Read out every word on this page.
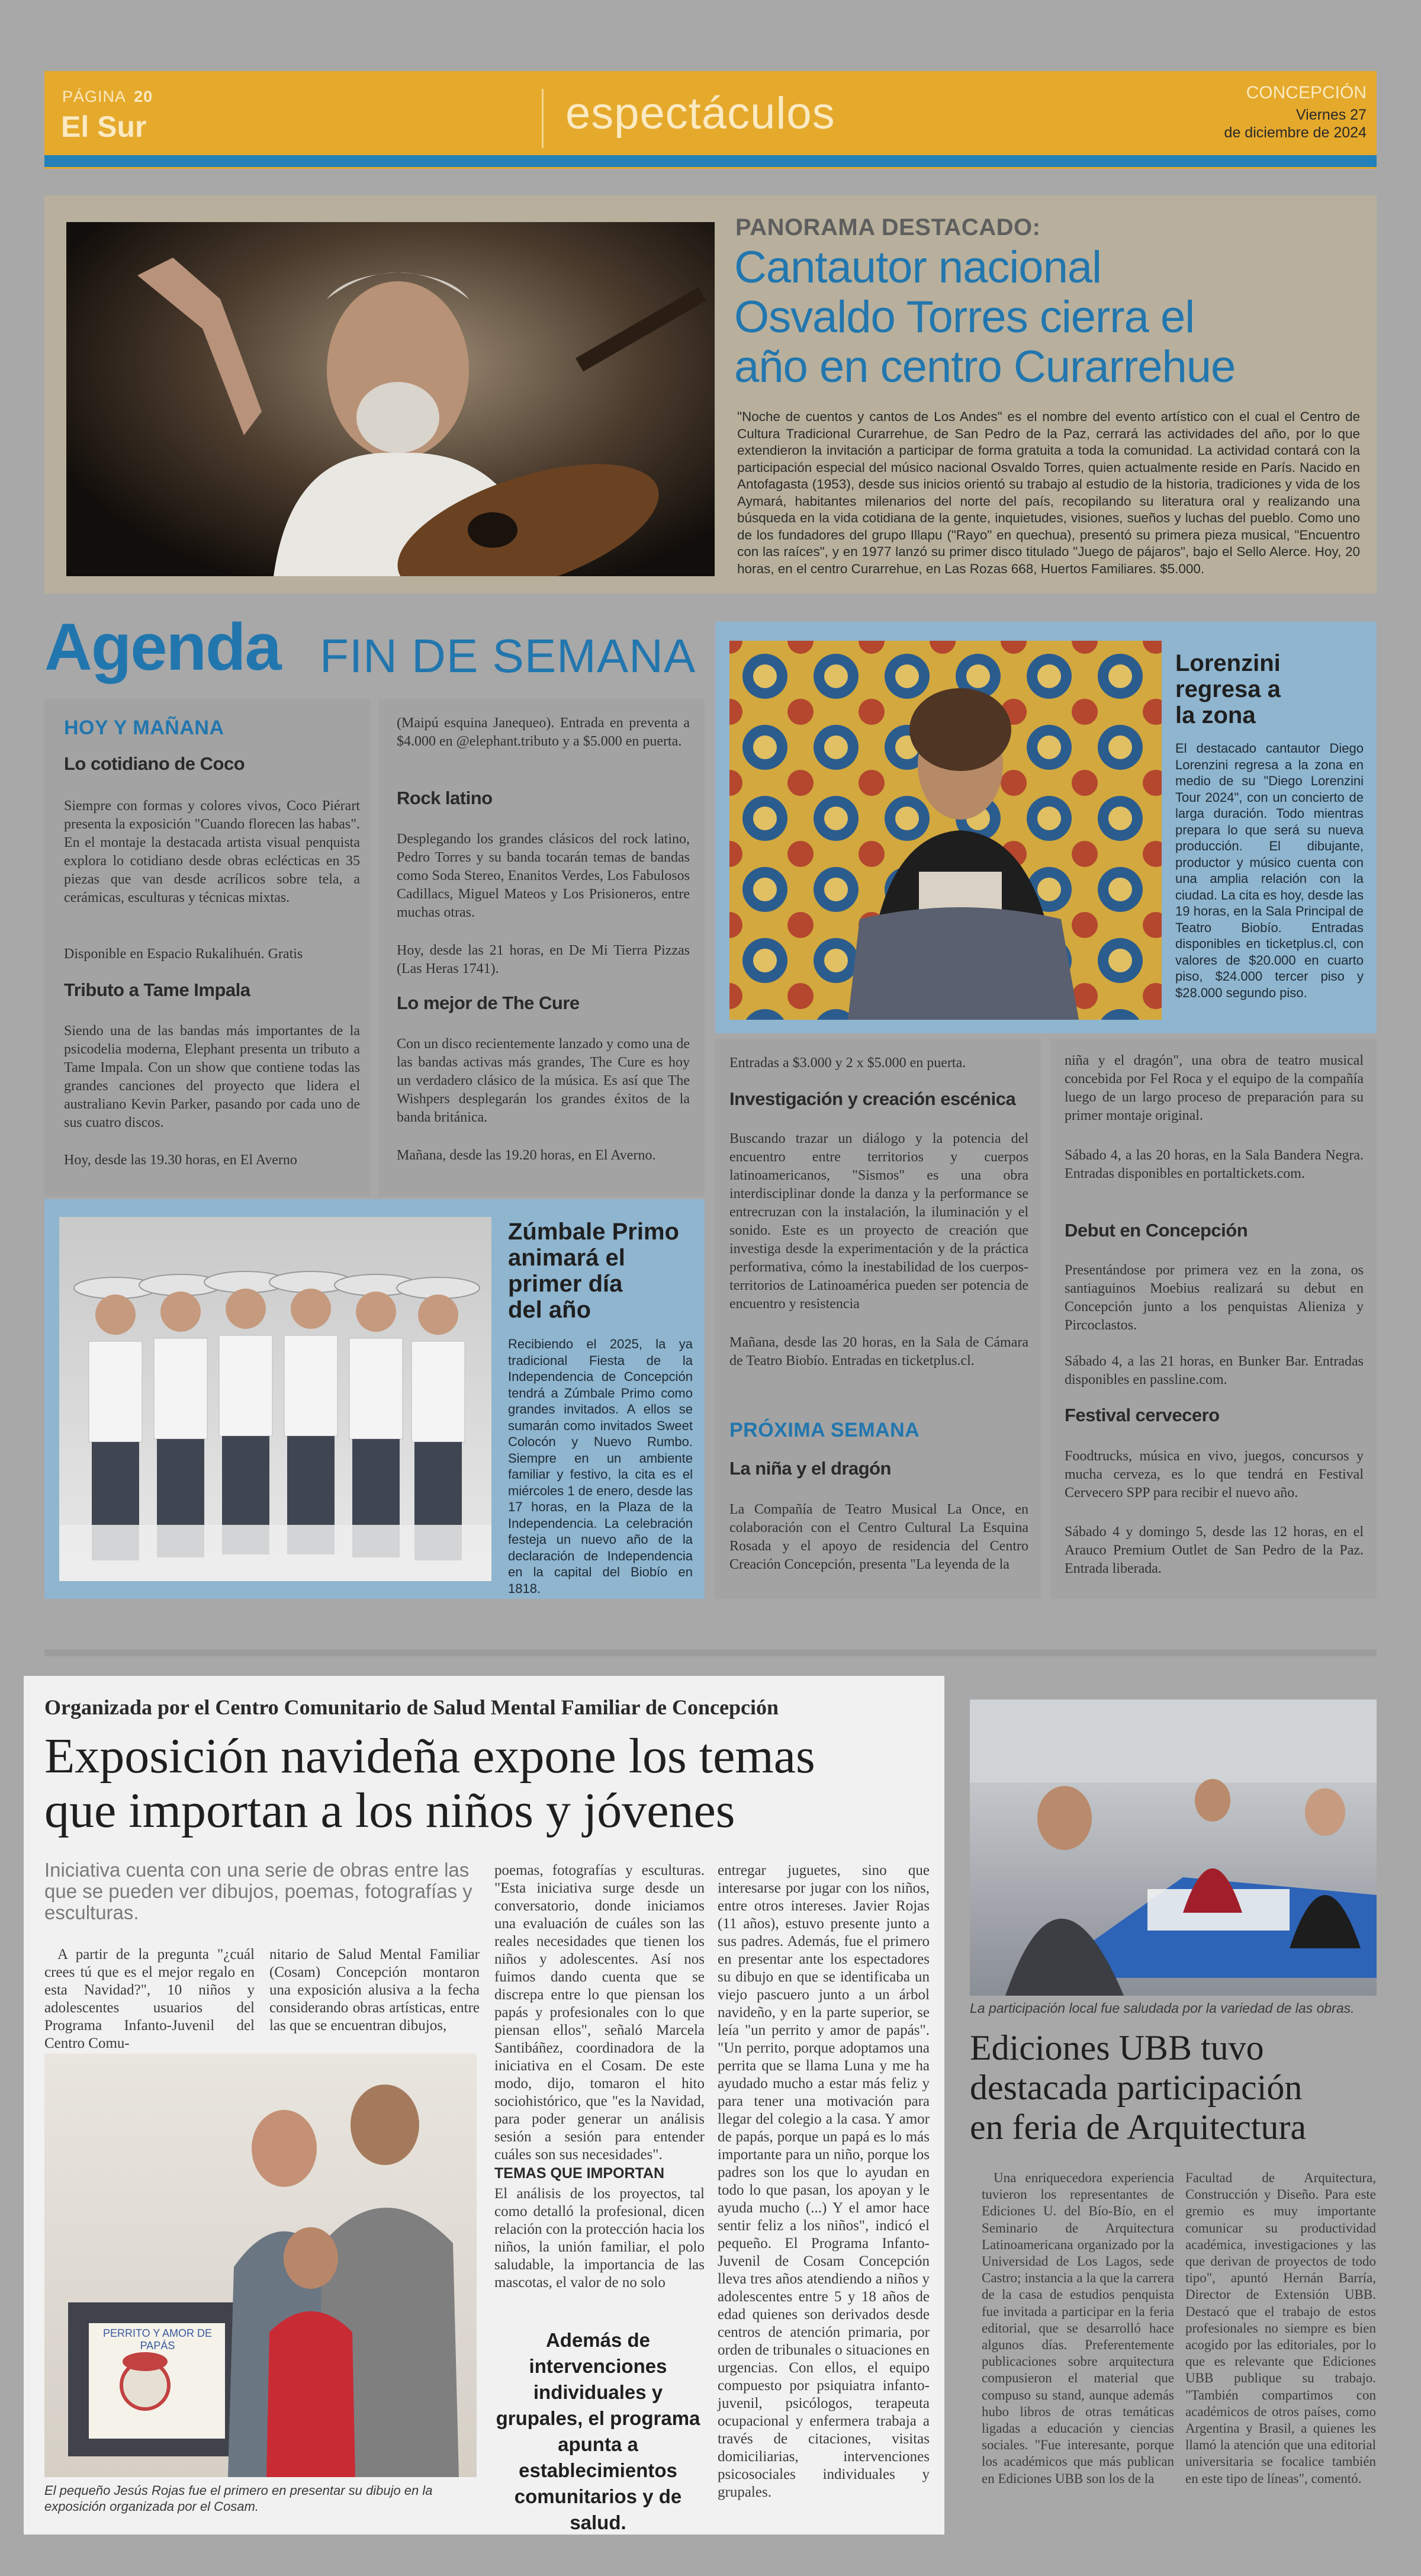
PÁGINA 20
El Sur	espectáculos	CONCEPCIÓN
Viernes 27
de diciembre de 2024
PANORAMA DESTACADO:
Cantautor nacional
Osvaldo Torres cierra el
año en centro Curarrehue

"Noche de cuentos y cantos de Los Andes" es el nombre del evento artístico con el cual el Centro de Cultura Tradicional Curarrehue, de San Pedro de la Paz, cerrará las actividades del año, por lo que extendieron la invitación a participar de forma gratuita a toda la comunidad. La actividad contará con la participación especial del músico nacional Osvaldo Torres, quien actualmente reside en París. Nacido en Antofagasta (1953), desde sus inicios orientó su trabajo al estudio de la historia, tradiciones y vida de los Aymará, habitantes milenarios del norte del país, recopilando su literatura oral y realizando una búsqueda en la vida cotidiana de la gente, inquietudes, visiones, sueños y luchas del pueblo. Como uno de los fundadores del grupo Illapu ("Rayo" en quechua), presentó su primera pieza musical, "Encuentro con las raíces", y en 1977 lanzó su primer disco titulado "Juego de pájaros", bajo el Sello Alerce. Hoy, 20 horas, en el centro Curarrehue, en Las Rozas 668, Huertos Familiares. $5.000.

Agenda FIN DE SEMANA
HOY Y MAÑANA
Lo cotidiano de Coco

Siempre con formas y colores vivos, Coco Piérart presenta la exposición "Cuando florecen las habas". En el montaje la destacada artista visual penquista explora lo cotidiano desde obras eclécticas en 35 piezas que van desde acrílicos sobre tela, a cerámicas, esculturas y técnicas mixtas.

Disponible en Espacio Rukalihuén. Gratis
Tributo a Tame Impala

Siendo una de las bandas más importantes de la psicodelia moderna, Elephant presenta un tributo a Tame Impala. Con un show que contiene todas las grandes canciones del proyecto que lidera el australiano Kevin Parker, pasando por cada uno de sus cuatro discos.

Hoy, desde las 19.30 horas, en El Averno

(Maipú esquina Janequeo). Entrada en preventa a $4.000 en @elephant.tributo y a $5.000 en puerta.

Rock latino

Desplegando los grandes clásicos del rock latino, Pedro Torres y su banda tocarán temas de bandas como Soda Stereo, Enanitos Verdes, Los Fabulosos Cadillacs, Miguel Mateos y Los Prisioneros, entre muchas otras.

Hoy, desde las 21 horas, en De Mi Tierra Pizzas (Las Heras 1741).

Lo mejor de The Cure

Con un disco recientemente lanzado y como una de las bandas activas más grandes, The Cure es hoy un verdadero clásico de la música. Es así que The Wishpers desplegarán los grandes éxitos de la banda británica.

Mañana, desde las 19.20 horas, en El Averno.
Lorenzini
regresa a
la zona

El destacado cantautor Diego Lorenzini regresa a la zona en medio de su "Diego Lorenzini Tour 2024", con un concierto de larga duración. Todo mientras prepara lo que será su nueva producción. El dibujante, productor y músico cuenta con una amplia relación con la ciudad. La cita es hoy, desde las 19 horas, en la Sala Principal de Teatro Biobío. Entradas disponibles en ticketplus.cl, con valores de $20.000 en cuarto piso, $24.000 tercer piso y $28.000 segundo piso.

Zúmbale Primo
animará el
primer día
del año

Recibiendo el 2025, la ya tradicional Fiesta de la Independencia de Concepción tendrá a Zúmbale Primo como grandes invitados. A ellos se sumarán como invitados Sweet Colocón y Nuevo Rumbo. Siempre en un ambiente familiar y festivo, la cita es el miércoles 1 de enero, desde las 17 horas, en la Plaza de la Independencia. La celebración festeja un nuevo año de la declaración de Independencia en la capital del Biobío en 1818.

Entradas a $3.000 y 2 x $5.000 en puerta.
Investigación y creación escénica

Buscando trazar un diálogo y la potencia del encuentro entre territorios y cuerpos latinoamericanos, "Sismos" es una obra interdisciplinar donde la danza y la performance se entrecruzan con la instalación, la iluminación y el sonido. Este es un proyecto de creación que investiga desde la experimentación y de la práctica performativa, cómo la inestabilidad de los cuerpos-territorios de Latinoamérica pueden ser potencia de encuentro y resistencia

Mañana, desde las 20 horas, en la Sala de Cámara de Teatro Biobío. Entradas en ticketplus.cl.

PRÓXIMA SEMANA
La niña y el dragón

La Compañía de Teatro Musical La Once, en colaboración con el Centro Cultural La Esquina Rosada y el apoyo de residencia del Centro Creación Concepción, presenta "La leyenda de la

niña y el dragón", una obra de teatro musical concebida por Fel Roca y el equipo de la compañía luego de un largo proceso de preparación para su primer montaje original.

Sábado 4, a las 20 horas, en la Sala Bandera Negra. Entradas disponibles en portaltickets.com.

Debut en Concepción

Presentándose por primera vez en la zona, os santiaguinos Moebius realizará su debut en Concepción junto a los penquistas Alieniza y Pircoclastos.

Sábado 4, a las 21 horas, en Bunker Bar. Entradas disponibles en passline.com.

Festival cervecero

Foodtrucks, música en vivo, juegos, concursos y mucha cerveza, es lo que tendrá en Festival Cervecero SPP para recibir el nuevo año.

Sábado 4 y domingo 5, desde las 12 horas, en el Arauco Premium Outlet de San Pedro de la Paz. Entrada liberada.

Organizada por el Centro Comunitario de Salud Mental Familiar de Concepción
Exposición navideña expone los temas
que importan a los niños y jóvenes

Iniciativa cuenta con una serie de obras entre las que se pueden ver dibujos, poemas, fotografías y esculturas.

A partir de la pregunta "¿cuál crees tú que es el mejor regalo en esta Navidad?", 10 niños y adolescentes usuarios del Programa Infanto-Juvenil del Centro Comu-

nitario de Salud Mental Familiar (Cosam) Concepción montaron una exposición alusiva a la fecha considerando obras artísticas, entre las que se encuentran dibujos,

PERRITO Y AMOR DE PAPÁS

El pequeño Jesús Rojas fue el primero en presentar su dibujo en la exposición organizada por el Cosam.

poemas, fotografías y esculturas. "Esta iniciativa surge desde un conversatorio, donde iniciamos una evaluación de cuáles son las reales necesidades que tienen los niños y adolescentes. Así nos fuimos dando cuenta que se discrepa entre lo que piensan los papás y profesionales con lo que piensan ellos", señaló Marcela Santibáñez, coordinadora de la iniciativa en el Cosam. De este modo, dijo, tomaron el hito sociohistórico, que "es la Navidad, para poder generar un análisis sesión a sesión para entender cuáles son sus necesidades".

TEMAS QUE IMPORTAN

El análisis de los proyectos, tal como detalló la profesional, dicen relación con la protección hacia los niños, la unión familiar, el polo saludable, la importancia de las mascotas, el valor de no solo

Además de intervenciones individuales y grupales, el programa apunta a establecimientos comunitarios y de salud.

entregar juguetes, sino que interesarse por jugar con los niños, entre otros intereses. Javier Rojas (11 años), estuvo presente junto a sus padres. Además, fue el primero en presentar ante los espectadores su dibujo en que se identificaba un viejo pascuero junto a un árbol navideño, y en la parte superior, se leía "un perrito y amor de papás". "Un perrito, porque adoptamos una perrita que se llama Luna y me ha ayudado mucho a estar más feliz y para tener una motivación para llegar del colegio a la casa. Y amor de papás, porque un papá es lo más importante para un niño, porque los padres son los que lo ayudan en todo lo que pasan, los apoyan y le ayuda mucho (...) Y el amor hace sentir feliz a los niños", indicó el pequeño. El Programa Infanto-Juvenil de Cosam Concepción lleva tres años atendiendo a niños y adolescentes entre 5 y 18 años de edad quienes son derivados desde centros de atención primaria, por orden de tribunales o situaciones en urgencias. Con ellos, el equipo compuesto por psiquiatra infanto-juvenil, psicólogos, terapeuta ocupacional y enfermera trabaja a través de citaciones, visitas domiciliarias, intervenciones psicosociales individuales y grupales.

La participación local fue saludada por la variedad de las obras.

Ediciones UBB tuvo
destacada participación
en feria de Arquitectura

Una enriquecedora experiencia tuvieron los representantes de Ediciones U. del Bío-Bío, en el Seminario de Arquitectura Latinoamericana organizado por la Universidad de Los Lagos, sede Castro; instancia a la que la carrera de la casa de estudios penquista fue invitada a participar en la feria editorial, que se desarrolló hace algunos días. Preferentemente publicaciones sobre arquitectura compusieron el material que compuso su stand, aunque además hubo libros de otras temáticas ligadas a educación y ciencias sociales. "Fue interesante, porque los académicos que más publican en Ediciones UBB son los de la

Facultad de Arquitectura, Construcción y Diseño. Para este gremio es muy importante comunicar su productividad académica, investigaciones y las que derivan de proyectos de todo tipo", apuntó Hernán Barría, Director de Extensión UBB. Destacó que el trabajo de estos profesionales no siempre es bien acogido por las editoriales, por lo que es relevante que Ediciones UBB publique su trabajo. "También compartimos con académicos de otros países, como Argentina y Brasil, a quienes les llamó la atención que una editorial universitaria se focalice también en este tipo de líneas", comentó.
